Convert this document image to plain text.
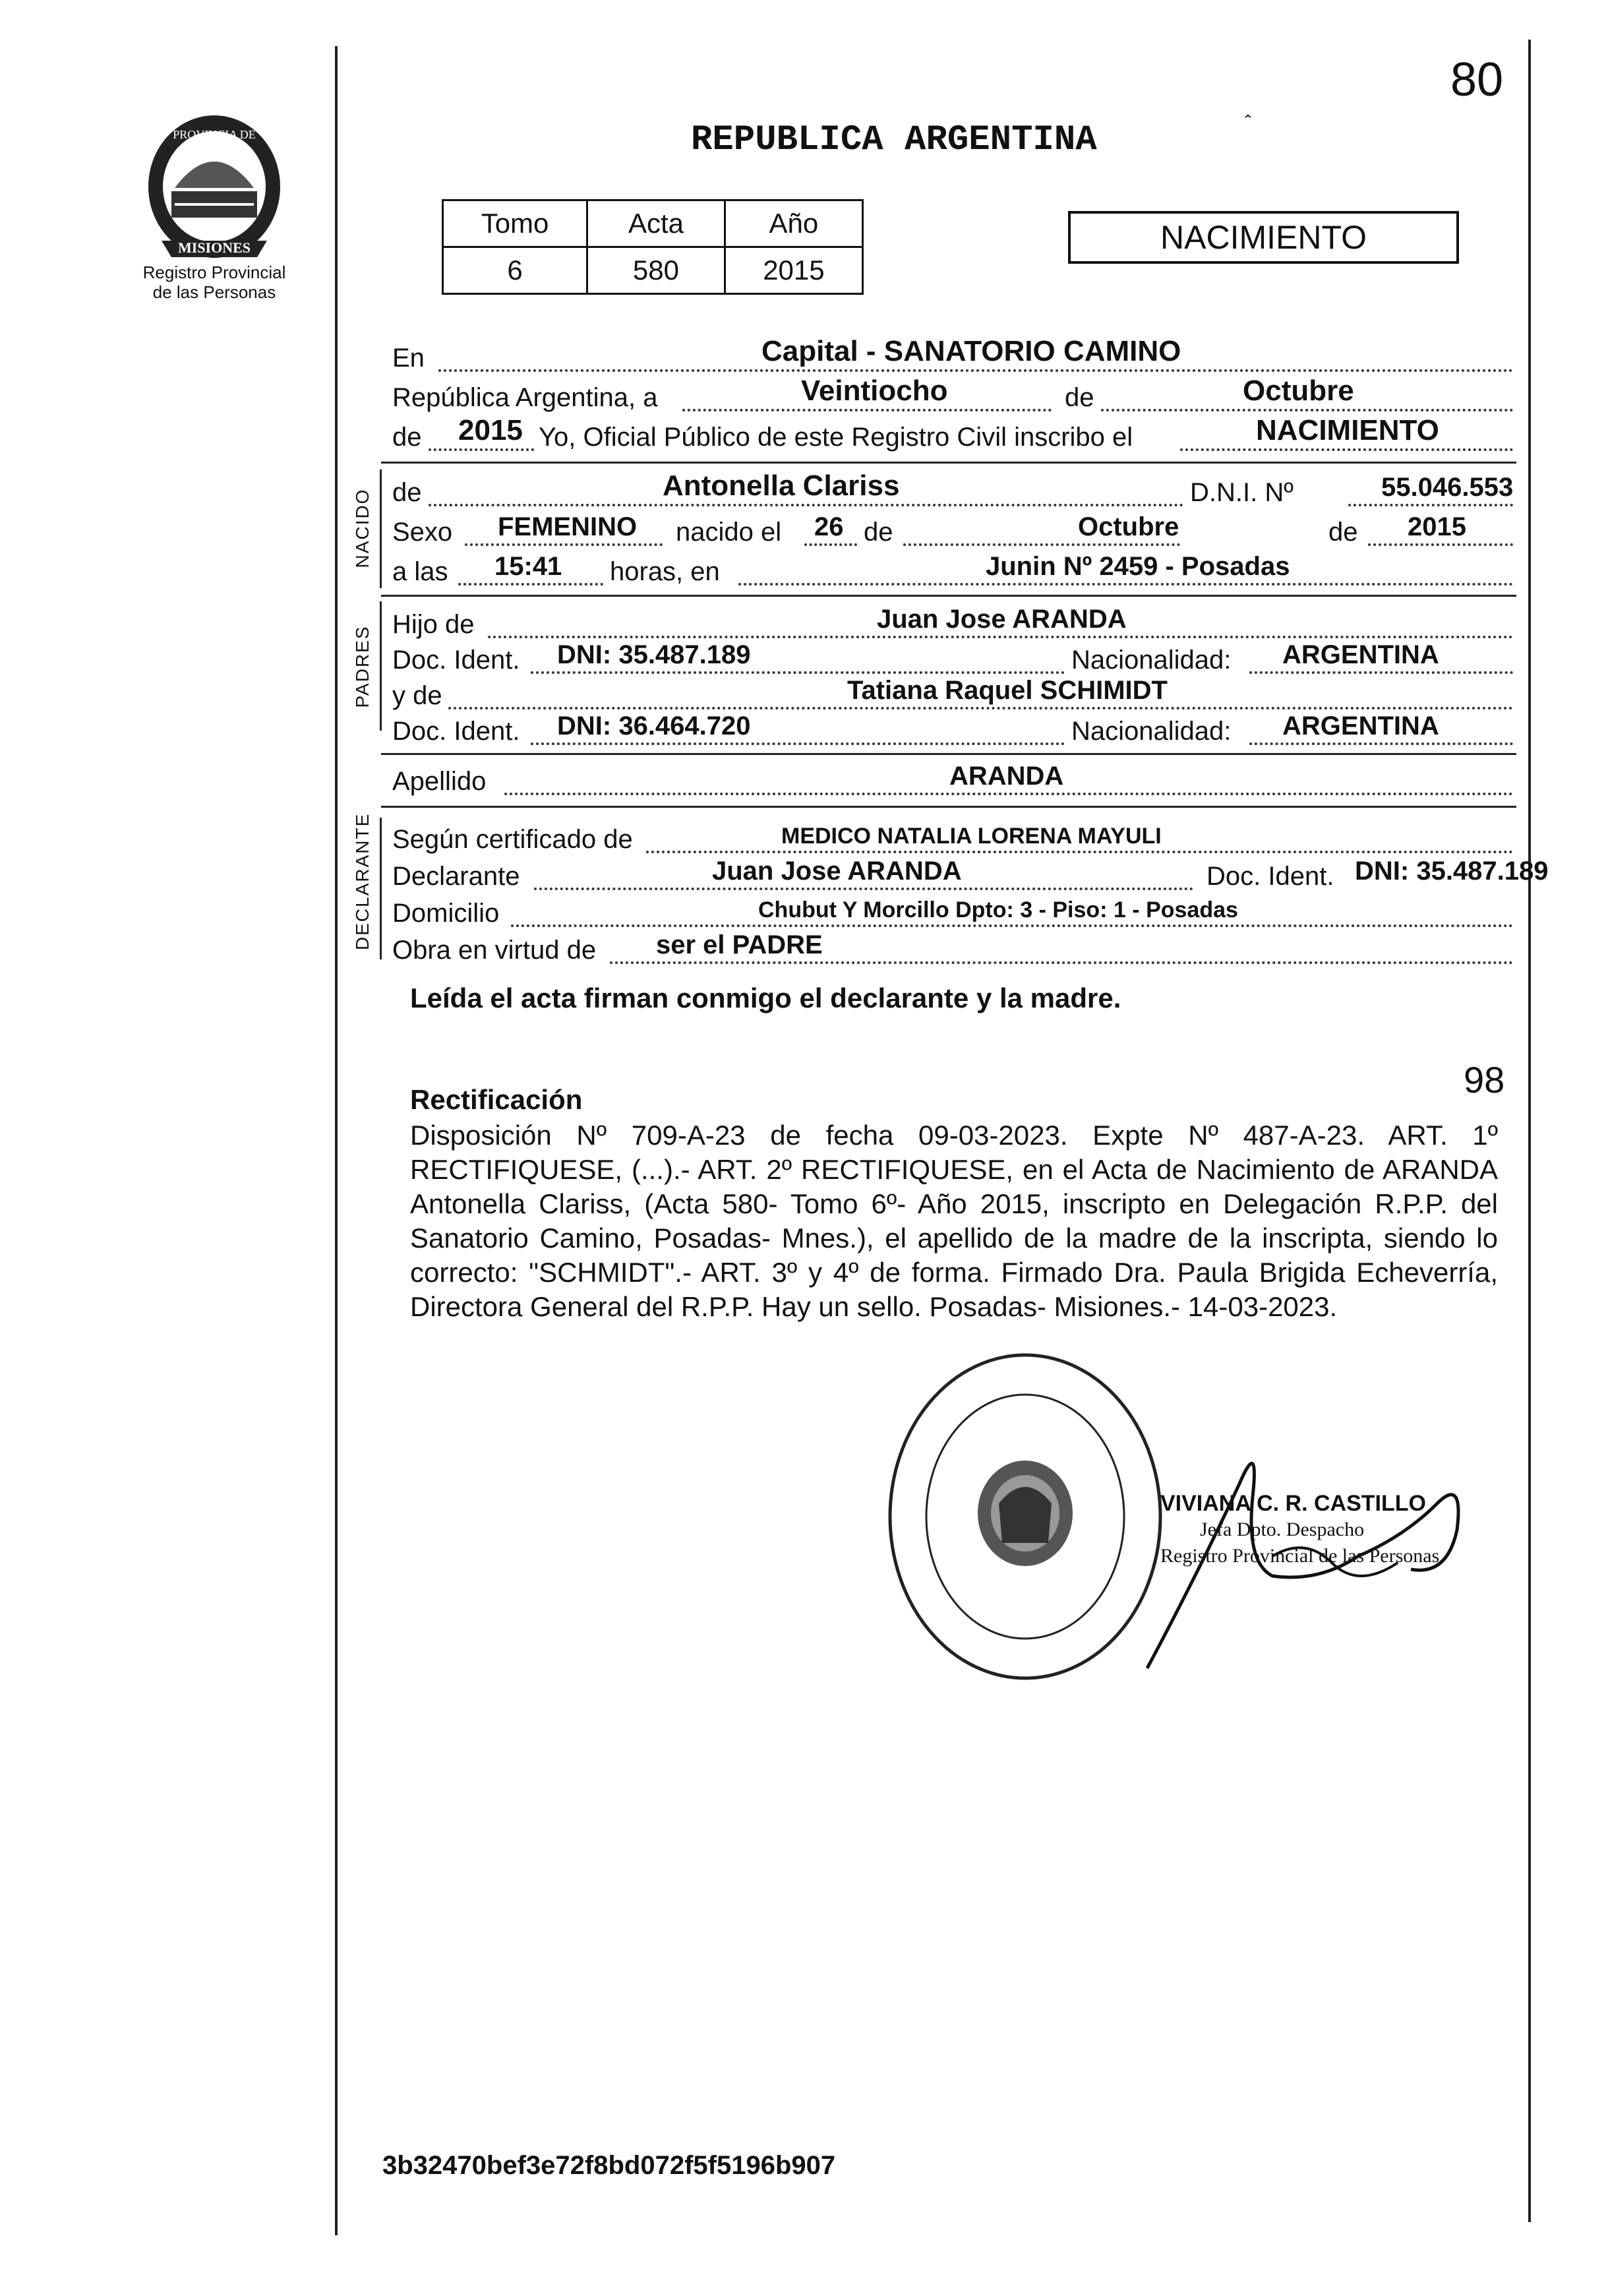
80
MISIONES
PROVINCIA DE
Registro Provincial
de las Personas
REPUBLICA ARGENTINA	ˆ
Tomo	Acta	Año
6	580	2015
NACIMIENTO
En	Capital - SANATORIO CAMINO
República Argentina, a	Veintiocho	de	Octubre
de 2015 Yo, Oficial Público de este Registro Civil inscribo el	NACIMIENTO
NACIDO de	Antonella Clariss	D.N.I. Nº	55.046.553
Sexo FEMENINO nacido el 26 de	Octubre	de 2015
a las 15:41 horas, en	Junin Nº 2459 - Posadas
PADRES
Hijo de	Juan Jose ARANDA
Doc. Ident. DNI: 35.487.189	Nacionalidad: ARGENTINA
y de	Tatiana Raquel SCHIMIDT
Doc. Ident. DNI: 36.464.720	Nacionalidad: ARGENTINA
Apellido	ARANDA
DECLARANTE Según certificado de	MEDICO NATALIA LORENA MAYULI
Declarante	Juan Jose ARANDA	Doc. Ident. DNI: 35.487.189
Domicilio	Chubut Y Morcillo Dpto: 3 - Piso: 1 - Posadas
Obra en virtud de ser el PADRE
Leída el acta firman conmigo el declarante y la madre.
98
Rectificación
Disposición Nº 709-A-23 de fecha 09-03-2023. Expte Nº 487-A-23. ART. 1º RECTIFIQUESE, (...).- ART. 2º RECTIFIQUESE, en el Acta de Nacimiento de ARANDA Antonella Clariss, (Acta 580- Tomo 6º- Año 2015, inscripto en Delegación R.P.P. del Sanatorio Camino, Posadas- Mnes.), el apellido de la madre de la inscripta, siendo lo correcto: "SCHMIDT".- ART. 3º y 4º de forma. Firmado Dra. Paula Brigida Echeverría, Directora General del R.P.P. Hay un sello. Posadas- Misiones.- 14-03-2023.
VIVIANA C. R. CASTILLO
Jefa Dpto. Despacho
Registro Provincial de las Personas
3b32470bef3e72f8bd072f5f5196b907
